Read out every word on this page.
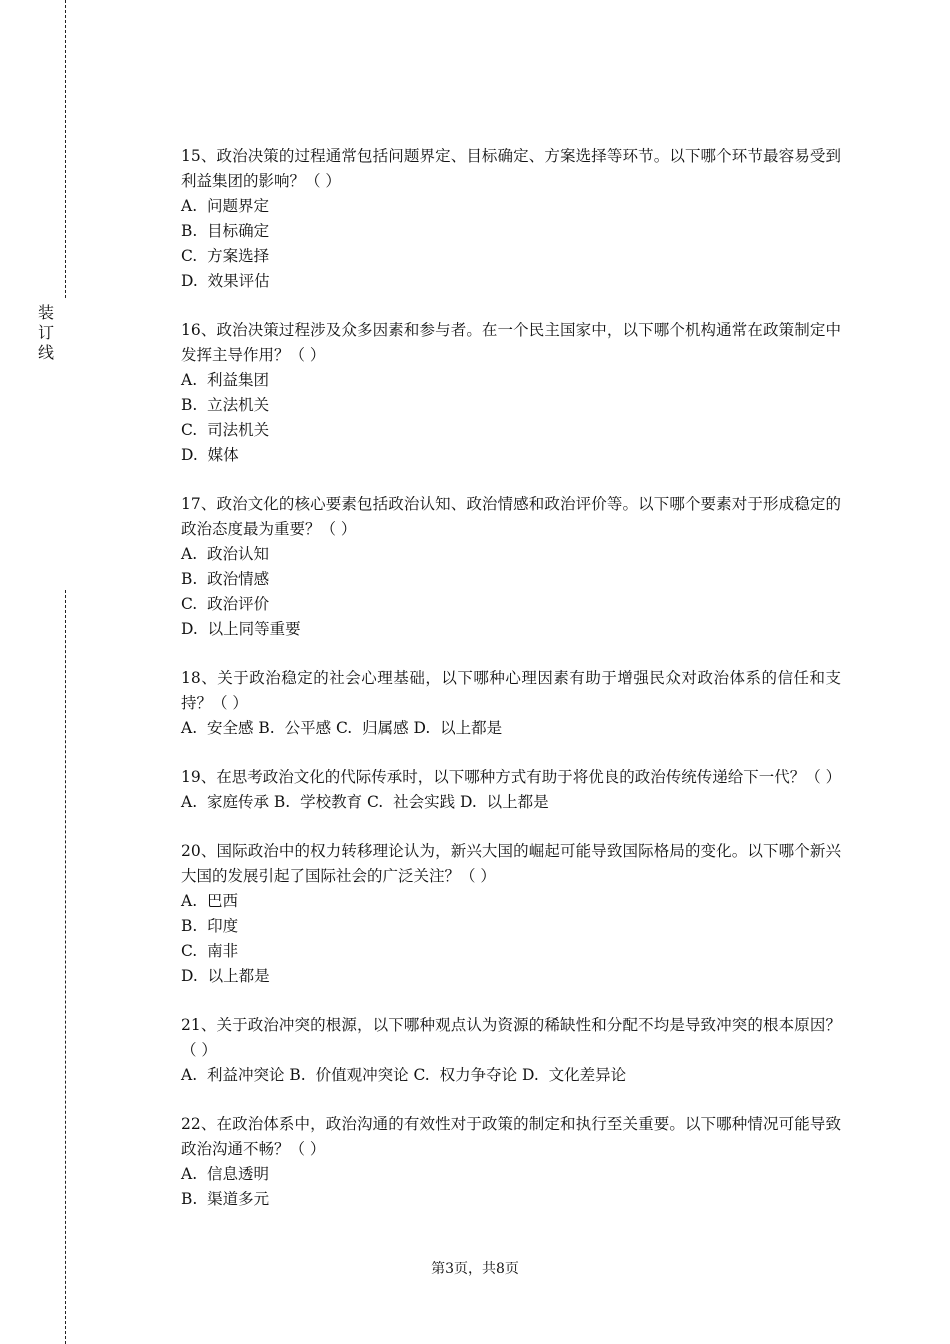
装
订
线
15、政治决策的过程通常包括问题界定、目标确定、方案选择等环节。以下哪个环节最容易受到利益集团的影响？（ ）
A.  问题界定
B.  目标确定
C.  方案选择
D.  效果评估
16、政治决策过程涉及众多因素和参与者。在一个民主国家中，以下哪个机构通常在政策制定中发挥主导作用？（ ）
A.  利益集团
B.  立法机关
C.  司法机关
D.  媒体
17、政治文化的核心要素包括政治认知、政治情感和政治评价等。以下哪个要素对于形成稳定的政治态度最为重要？（ ）
A.  政治认知
B.  政治情感
C.  政治评价
D.  以上同等重要
18、关于政治稳定的社会心理基础，以下哪种心理因素有助于增强民众对政治体系的信任和支持？（ ）
A.  安全感 B.  公平感 C.  归属感 D.  以上都是
19、在思考政治文化的代际传承时，以下哪种方式有助于将优良的政治传统传递给下一代？（ ）
A.  家庭传承 B.  学校教育 C.  社会实践 D.  以上都是
20、国际政治中的权力转移理论认为，新兴大国的崛起可能导致国际格局的变化。以下哪个新兴大国的发展引起了国际社会的广泛关注？（ ）
A.  巴西
B.  印度
C.  南非
D.  以上都是
21、关于政治冲突的根源，以下哪种观点认为资源的稀缺性和分配不均是导致冲突的根本原因？（ ）
A.  利益冲突论 B.  价值观冲突论 C.  权力争夺论 D.  文化差异论
22、在政治体系中，政治沟通的有效性对于政策的制定和执行至关重要。以下哪种情况可能导致政治沟通不畅？（ ）
A.  信息透明
B.  渠道多元
第3页，共8页
